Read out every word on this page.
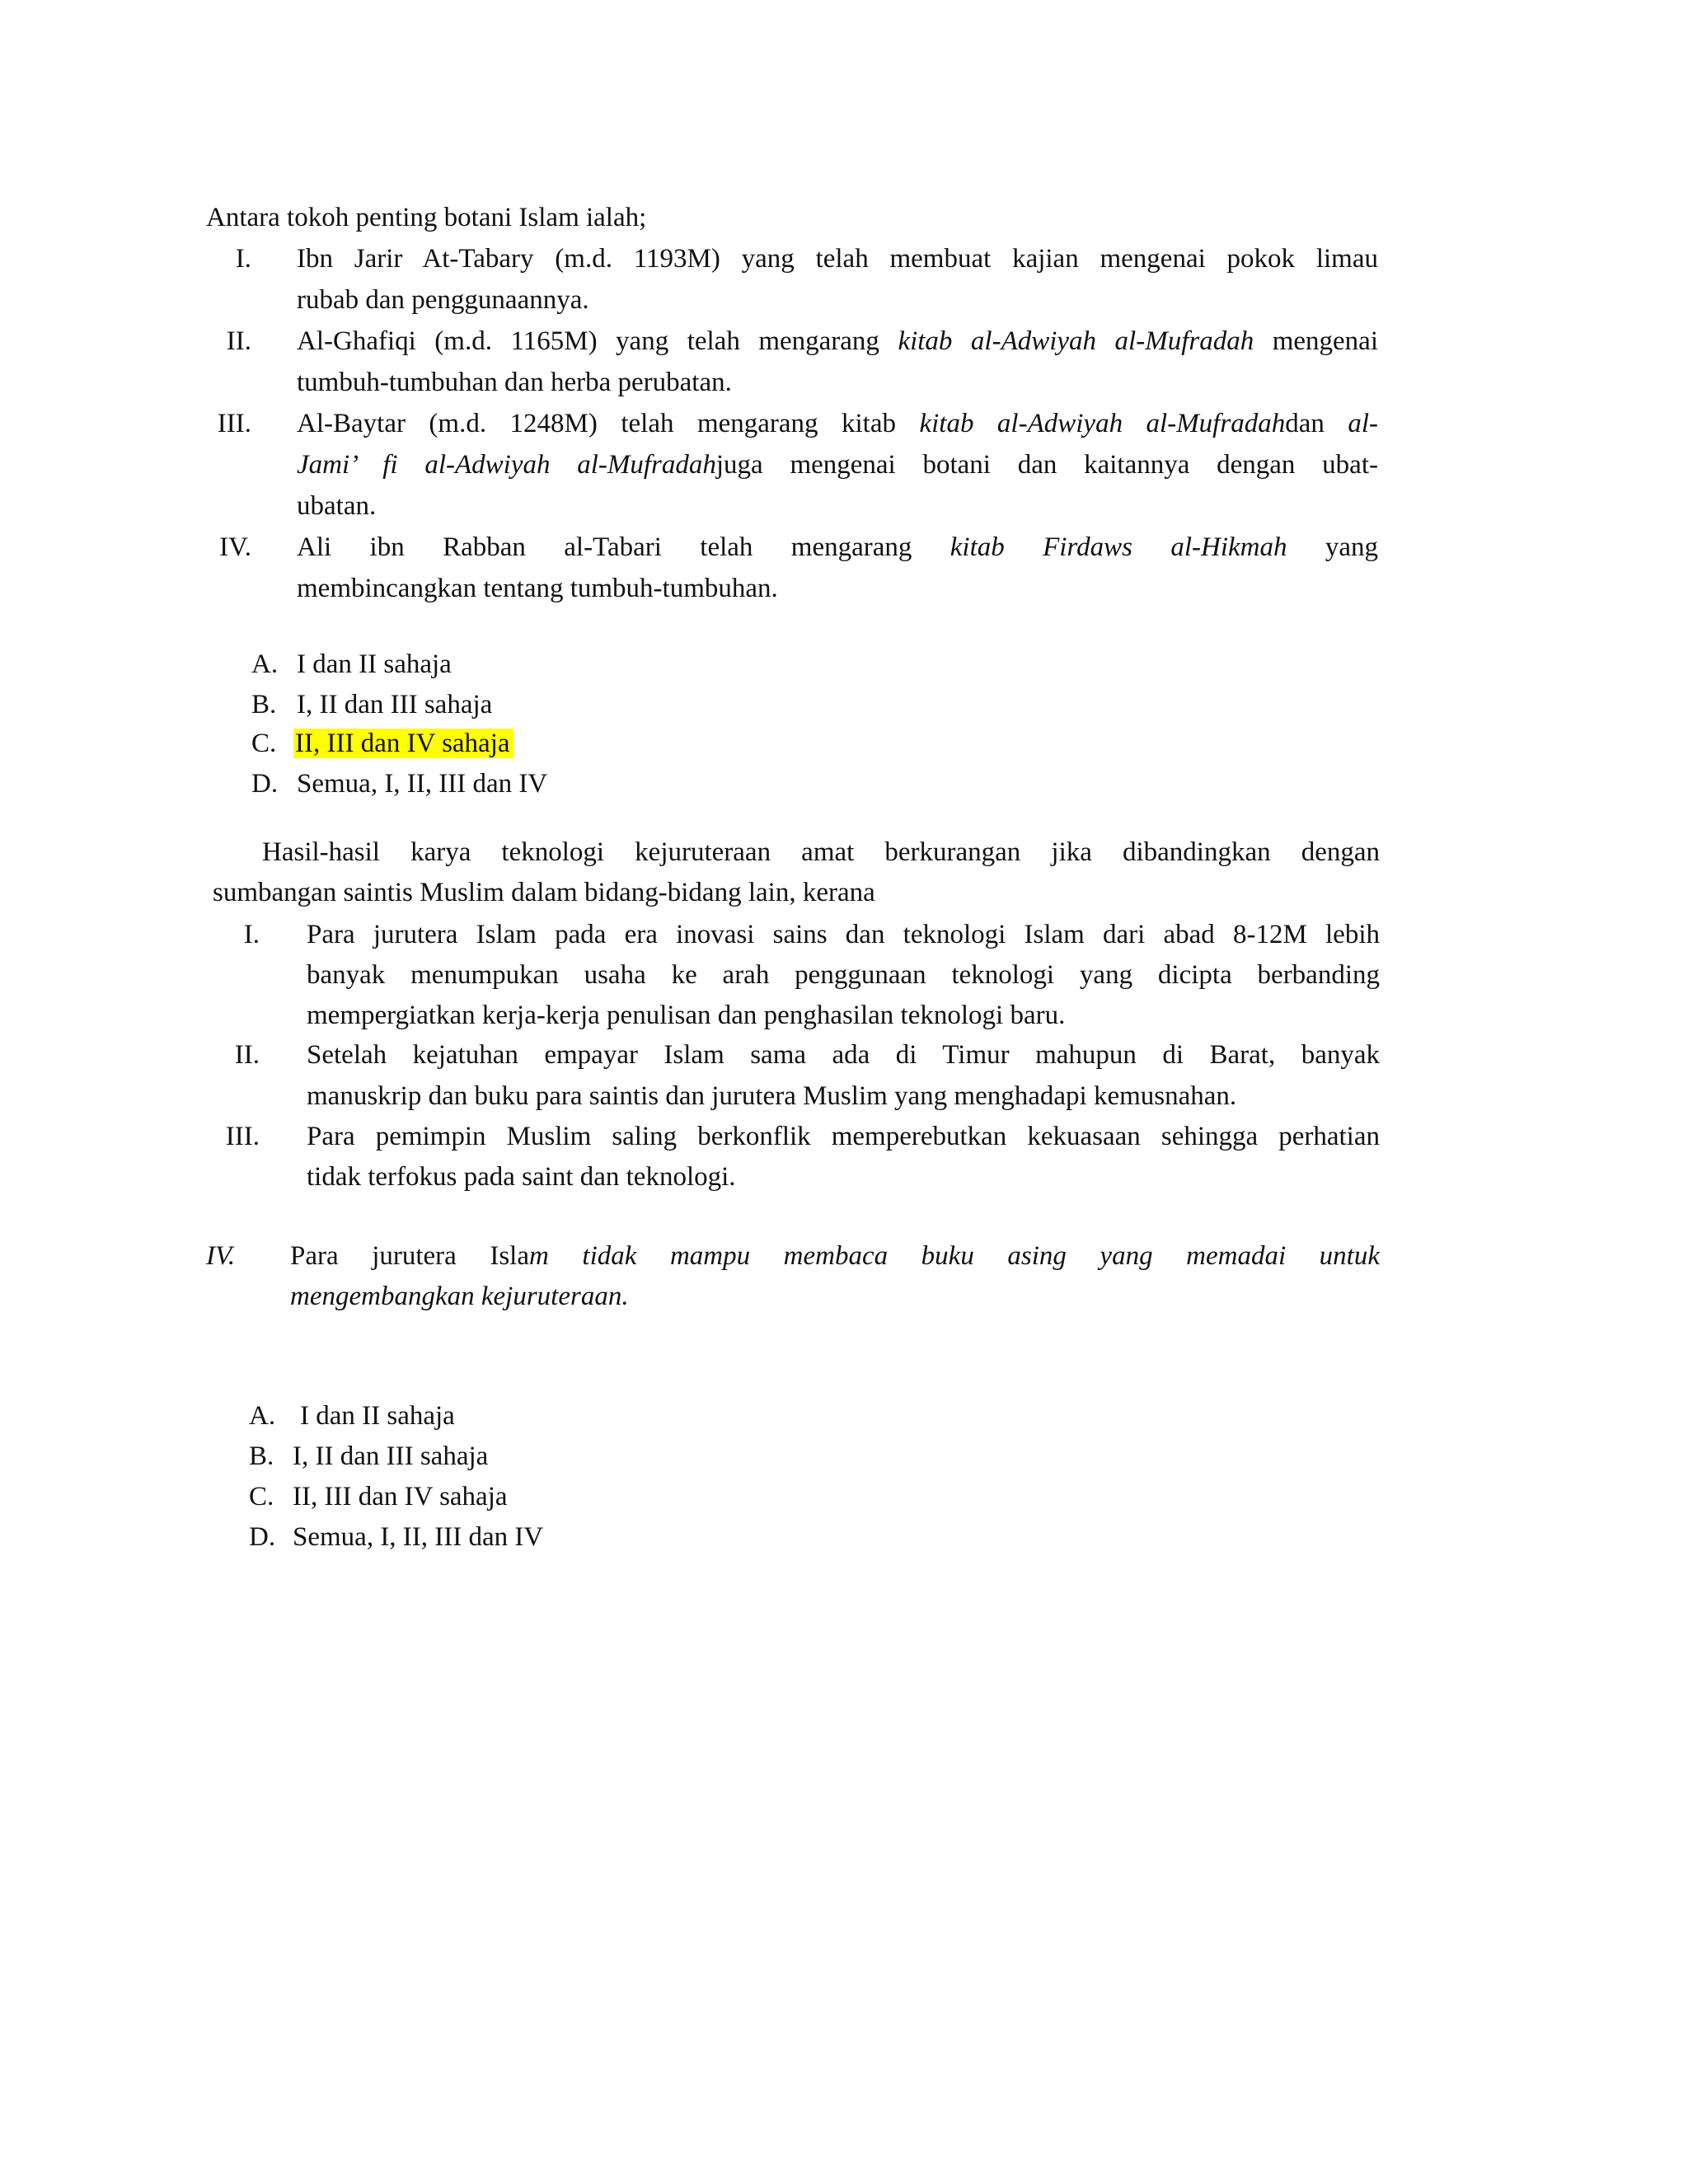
Antara tokoh penting botani Islam ialah;
I. Ibn Jarir At-Tabary (m.d. 1193M) yang telah membuat kajian mengenai pokok limau
rubab dan penggunaannya.
II. Al-Ghafiqi (m.d. 1165M) yang telah mengarang kitab al-Adwiyah al-Mufradah mengenai
tumbuh-tumbuhan dan herba perubatan.
III. Al-Baytar (m.d. 1248M) telah mengarang kitab kitab al-Adwiyah al-Mufradahdan al-
Jami’ fi al-Adwiyah al-Mufradahjuga mengenai botani dan kaitannya dengan ubat-
ubatan.
IV. Ali ibn Rabban al-Tabari telah mengarang kitab Firdaws al-Hikmah yang
membincangkan tentang tumbuh-tumbuhan.
A. I dan II sahaja
B. I, II dan III sahaja
C. II, III dan IV sahaja
D. Semua, I, II, III dan IV
Hasil-hasil karya teknologi kejuruteraan amat berkurangan jika dibandingkan dengan
sumbangan saintis Muslim dalam bidang-bidang lain, kerana
I. Para jurutera Islam pada era inovasi sains dan teknologi Islam dari abad 8-12M lebih
banyak menumpukan usaha ke arah penggunaan teknologi yang dicipta berbanding
mempergiatkan kerja-kerja penulisan dan penghasilan teknologi baru.
II. Setelah kejatuhan empayar Islam sama ada di Timur mahupun di Barat, banyak
manuskrip dan buku para saintis dan jurutera Muslim yang menghadapi kemusnahan.
III. Para pemimpin Muslim saling berkonflik memperebutkan kekuasaan sehingga perhatian
tidak terfokus pada saint dan teknologi.
IV. Para jurutera Islam tidak mampu membaca buku asing yang memadai untuk
mengembangkan kejuruteraan.
A. I dan II sahaja
B. I, II dan III sahaja
C. II, III dan IV sahaja
D. Semua, I, II, III dan IV
